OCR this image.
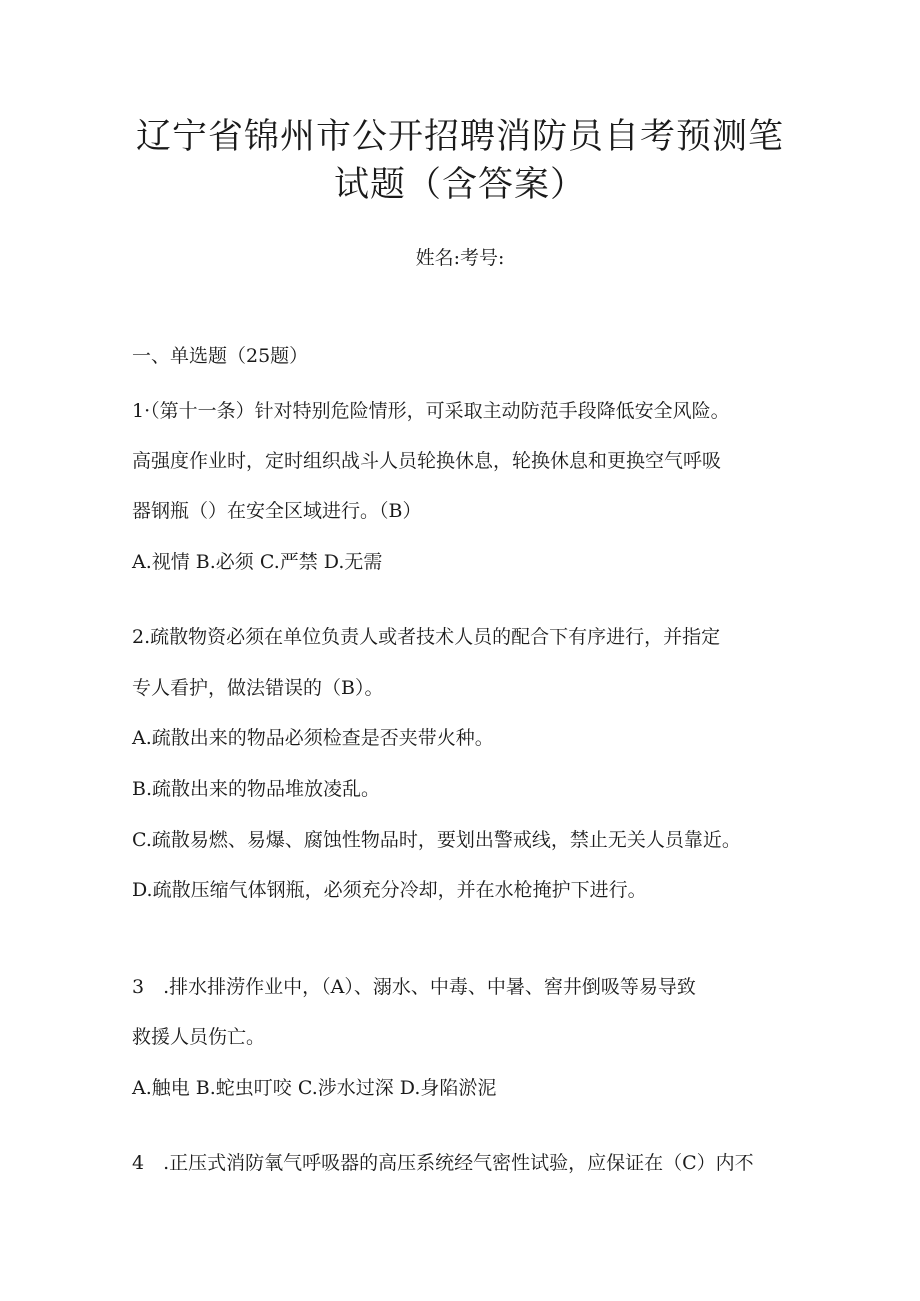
辽宁省锦州市公开招聘消防员自考预测笔
试题（含答案）
姓名:考号:
一、单选题（25题）
1·（第十一条）针对特别危险情形，可采取主动防范手段降低安全风险。
高强度作业时，定时组织战斗人员轮换休息，轮换休息和更换空气呼吸
器钢瓶（）在安全区域进行。（B）
A.视情 B.必须 C.严禁 D.无需
2.疏散物资必须在单位负责人或者技术人员的配合下有序进行，并指定
专人看护，做法错误的（B）。
A.疏散出来的物品必须检查是否夹带火种。
B.疏散出来的物品堆放凌乱。
C.疏散易燃、易爆、腐蚀性物品时，要划出警戒线，禁止无关人员靠近。
D.疏散压缩气体钢瓶，必须充分冷却，并在水枪掩护下进行。
3　.排水排涝作业中，（A）、溺水、中毒、中暑、窖井倒吸等易导致
救援人员伤亡。
A.触电 B.蛇虫叮咬 C.涉水过深 D.身陷淤泥
4　.正压式消防氧气呼吸器的高压系统经气密性试验，应保证在（C）内不
